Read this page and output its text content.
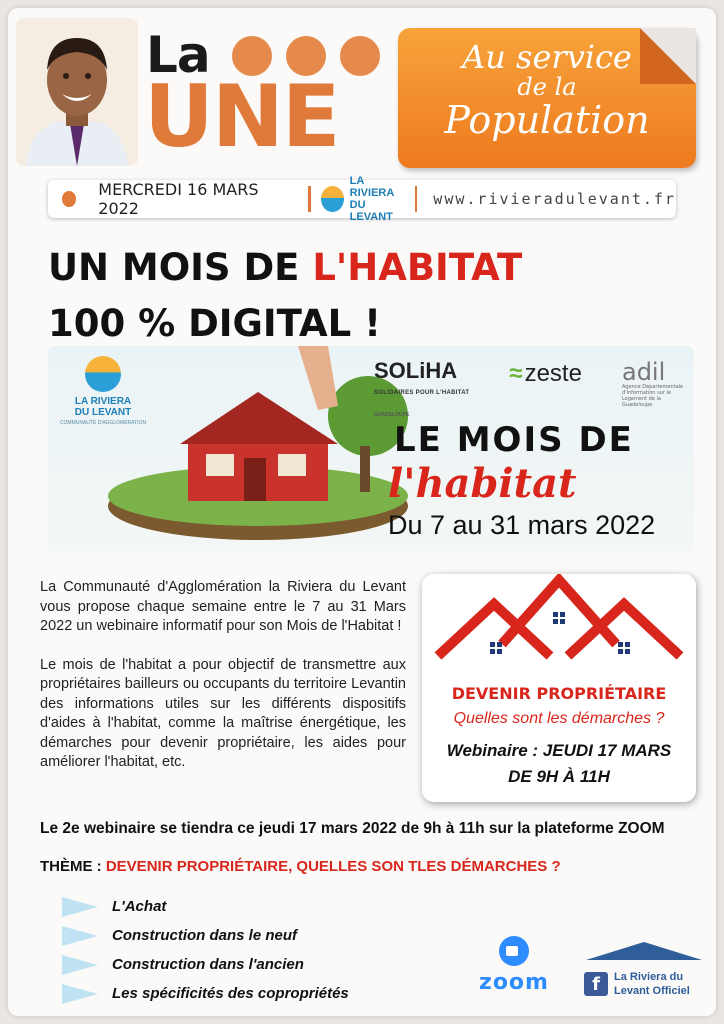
La
UNE
Au service
de la
Population
MERCREDI 16 MARS 2022
LA RIVIERA
DU LEVANT
www.rivieradulevant.fr
UN MOIS DE L'HABITAT
100 % DIGITAL !
LA RIVIERA
DU LEVANT
COMMUNAUTÉ D'AGGLOMÉRATION
SOLiHA
SOLIDAIRES POUR L'HABITAT
GUADELOUPE
≈ zeste adil
Agence Départementale d'Information sur le Logement de la Guadeloupe
LE MOIS DE
l'habitat
Du 7 au 31 mars 2022

La Communauté d'Agglomération la Riviera du Levant vous propose chaque semaine entre le 7 au 31 Mars 2022 un webinaire informatif pour son Mois de l'Habitat !

Le mois de l'habitat a pour objectif de transmettre aux propriétaires bailleurs ou occupants du territoire Levantin des informations utiles sur les différents dispositifs d'aides à l'habitat, comme la maîtrise énergétique, les démarches pour devenir propriétaire, les aides pour améliorer l'habitat, etc.

DEVENIR PROPRIÉTAIRE
Quelles sont les démarches ?
Webinaire : JEUDI 17 MARS
DE 9H À 11H
Le 2e webinaire se tiendra ce jeudi 17 mars 2022 de 9h à 11h sur la plateforme ZOOM
THÈME : DEVENIR PROPRIÉTAIRE, QUELLES SON TLES DÉMARCHES ?
L'Achat
Construction dans le neuf
Construction dans l'ancien
Les spécificités des copropriétés	zoom	f	La Riviera du
Levant Officiel
